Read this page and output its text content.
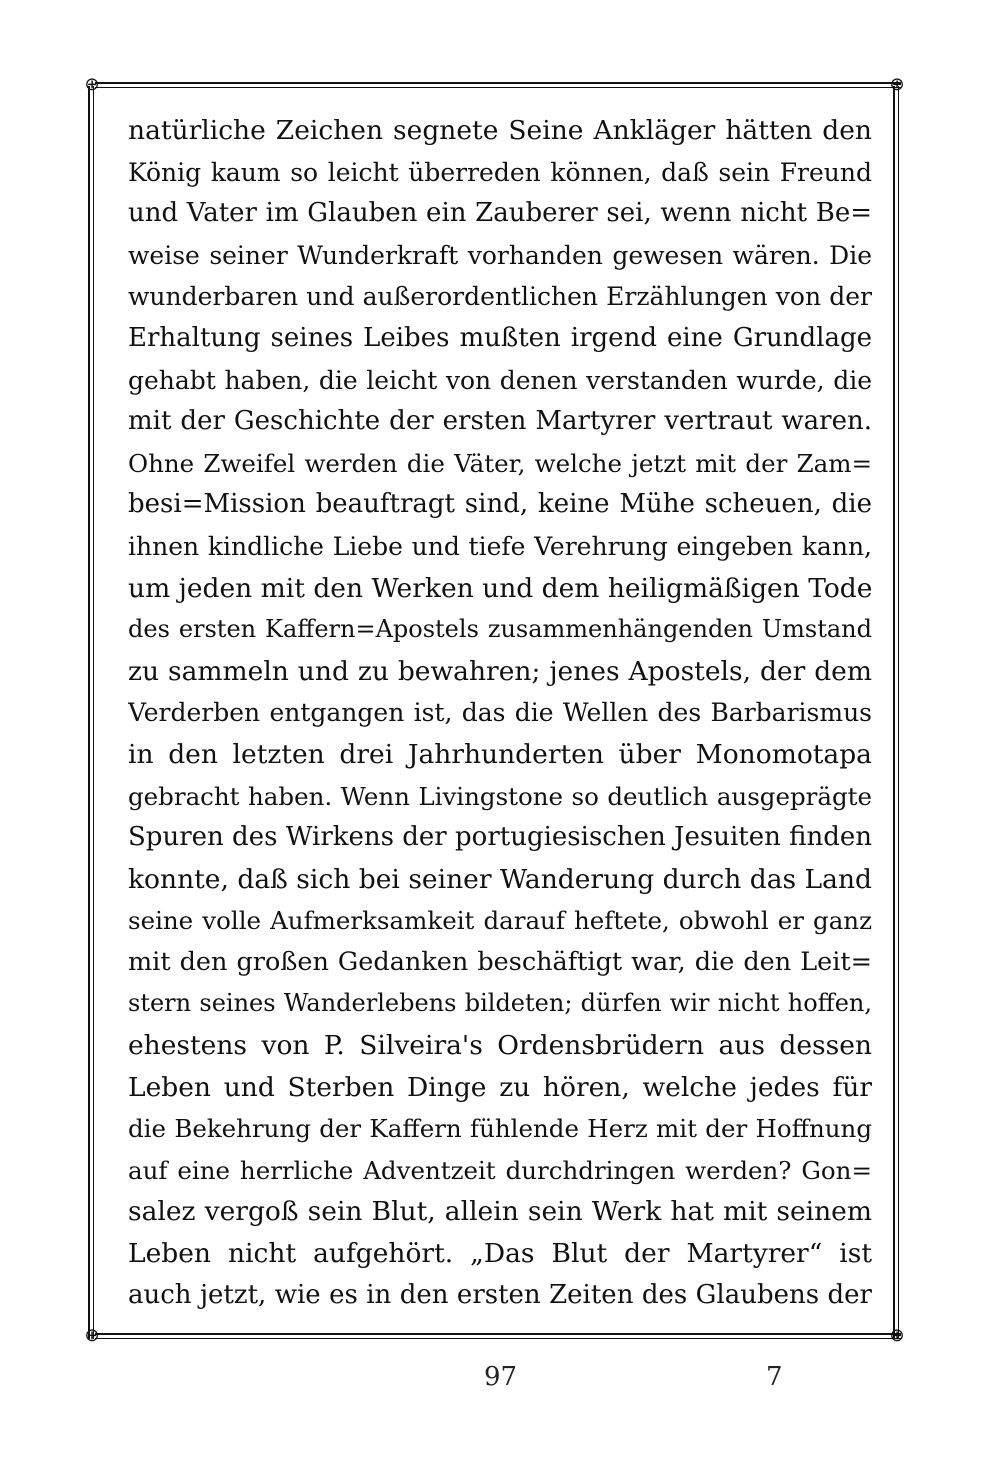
⊕	⊕
⊕	⊕
natürliche Zeichen segnete Seine Ankläger hätten den
König kaum so leicht überreden können, daß sein Freund
und Vater im Glauben ein Zauberer sei, wenn nicht Be=
weise seiner Wunderkraft vorhanden gewesen wären. Die
wunderbaren und außerordentlichen Erzählungen von der
Erhaltung seines Leibes mußten irgend eine Grundlage
gehabt haben, die leicht von denen verstanden wurde, die
mit der Geschichte der ersten Martyrer vertraut waren.
Ohne Zweifel werden die Väter, welche jetzt mit der Zam=
besi=Mission beauftragt sind, keine Mühe scheuen, die
ihnen kindliche Liebe und tiefe Verehrung eingeben kann,
um jeden mit den Werken und dem heiligmäßigen Tode
des ersten Kaffern=Apostels zusammenhängenden Umstand
zu sammeln und zu bewahren; jenes Apostels, der dem
Verderben entgangen ist, das die Wellen des Barbarismus
in den letzten drei Jahrhunderten über Monomotapa
gebracht haben. Wenn Livingstone so deutlich ausgeprägte
Spuren des Wirkens der portugiesischen Jesuiten finden
konnte, daß sich bei seiner Wanderung durch das Land
seine volle Aufmerksamkeit darauf heftete, obwohl er ganz
mit den großen Gedanken beschäftigt war, die den Leit=
stern seines Wanderlebens bildeten; dürfen wir nicht hoffen,
ehestens von P. Silveira's Ordensbrüdern aus dessen
Leben und Sterben Dinge zu hören, welche jedes für
die Bekehrung der Kaffern fühlende Herz mit der Hoffnung
auf eine herrliche Adventzeit durchdringen werden? Gon=
salez vergoß sein Blut, allein sein Werk hat mit seinem
Leben nicht aufgehört. „Das Blut der Martyrer“ ist
auch jetzt, wie es in den ersten Zeiten des Glaubens der
97	7
